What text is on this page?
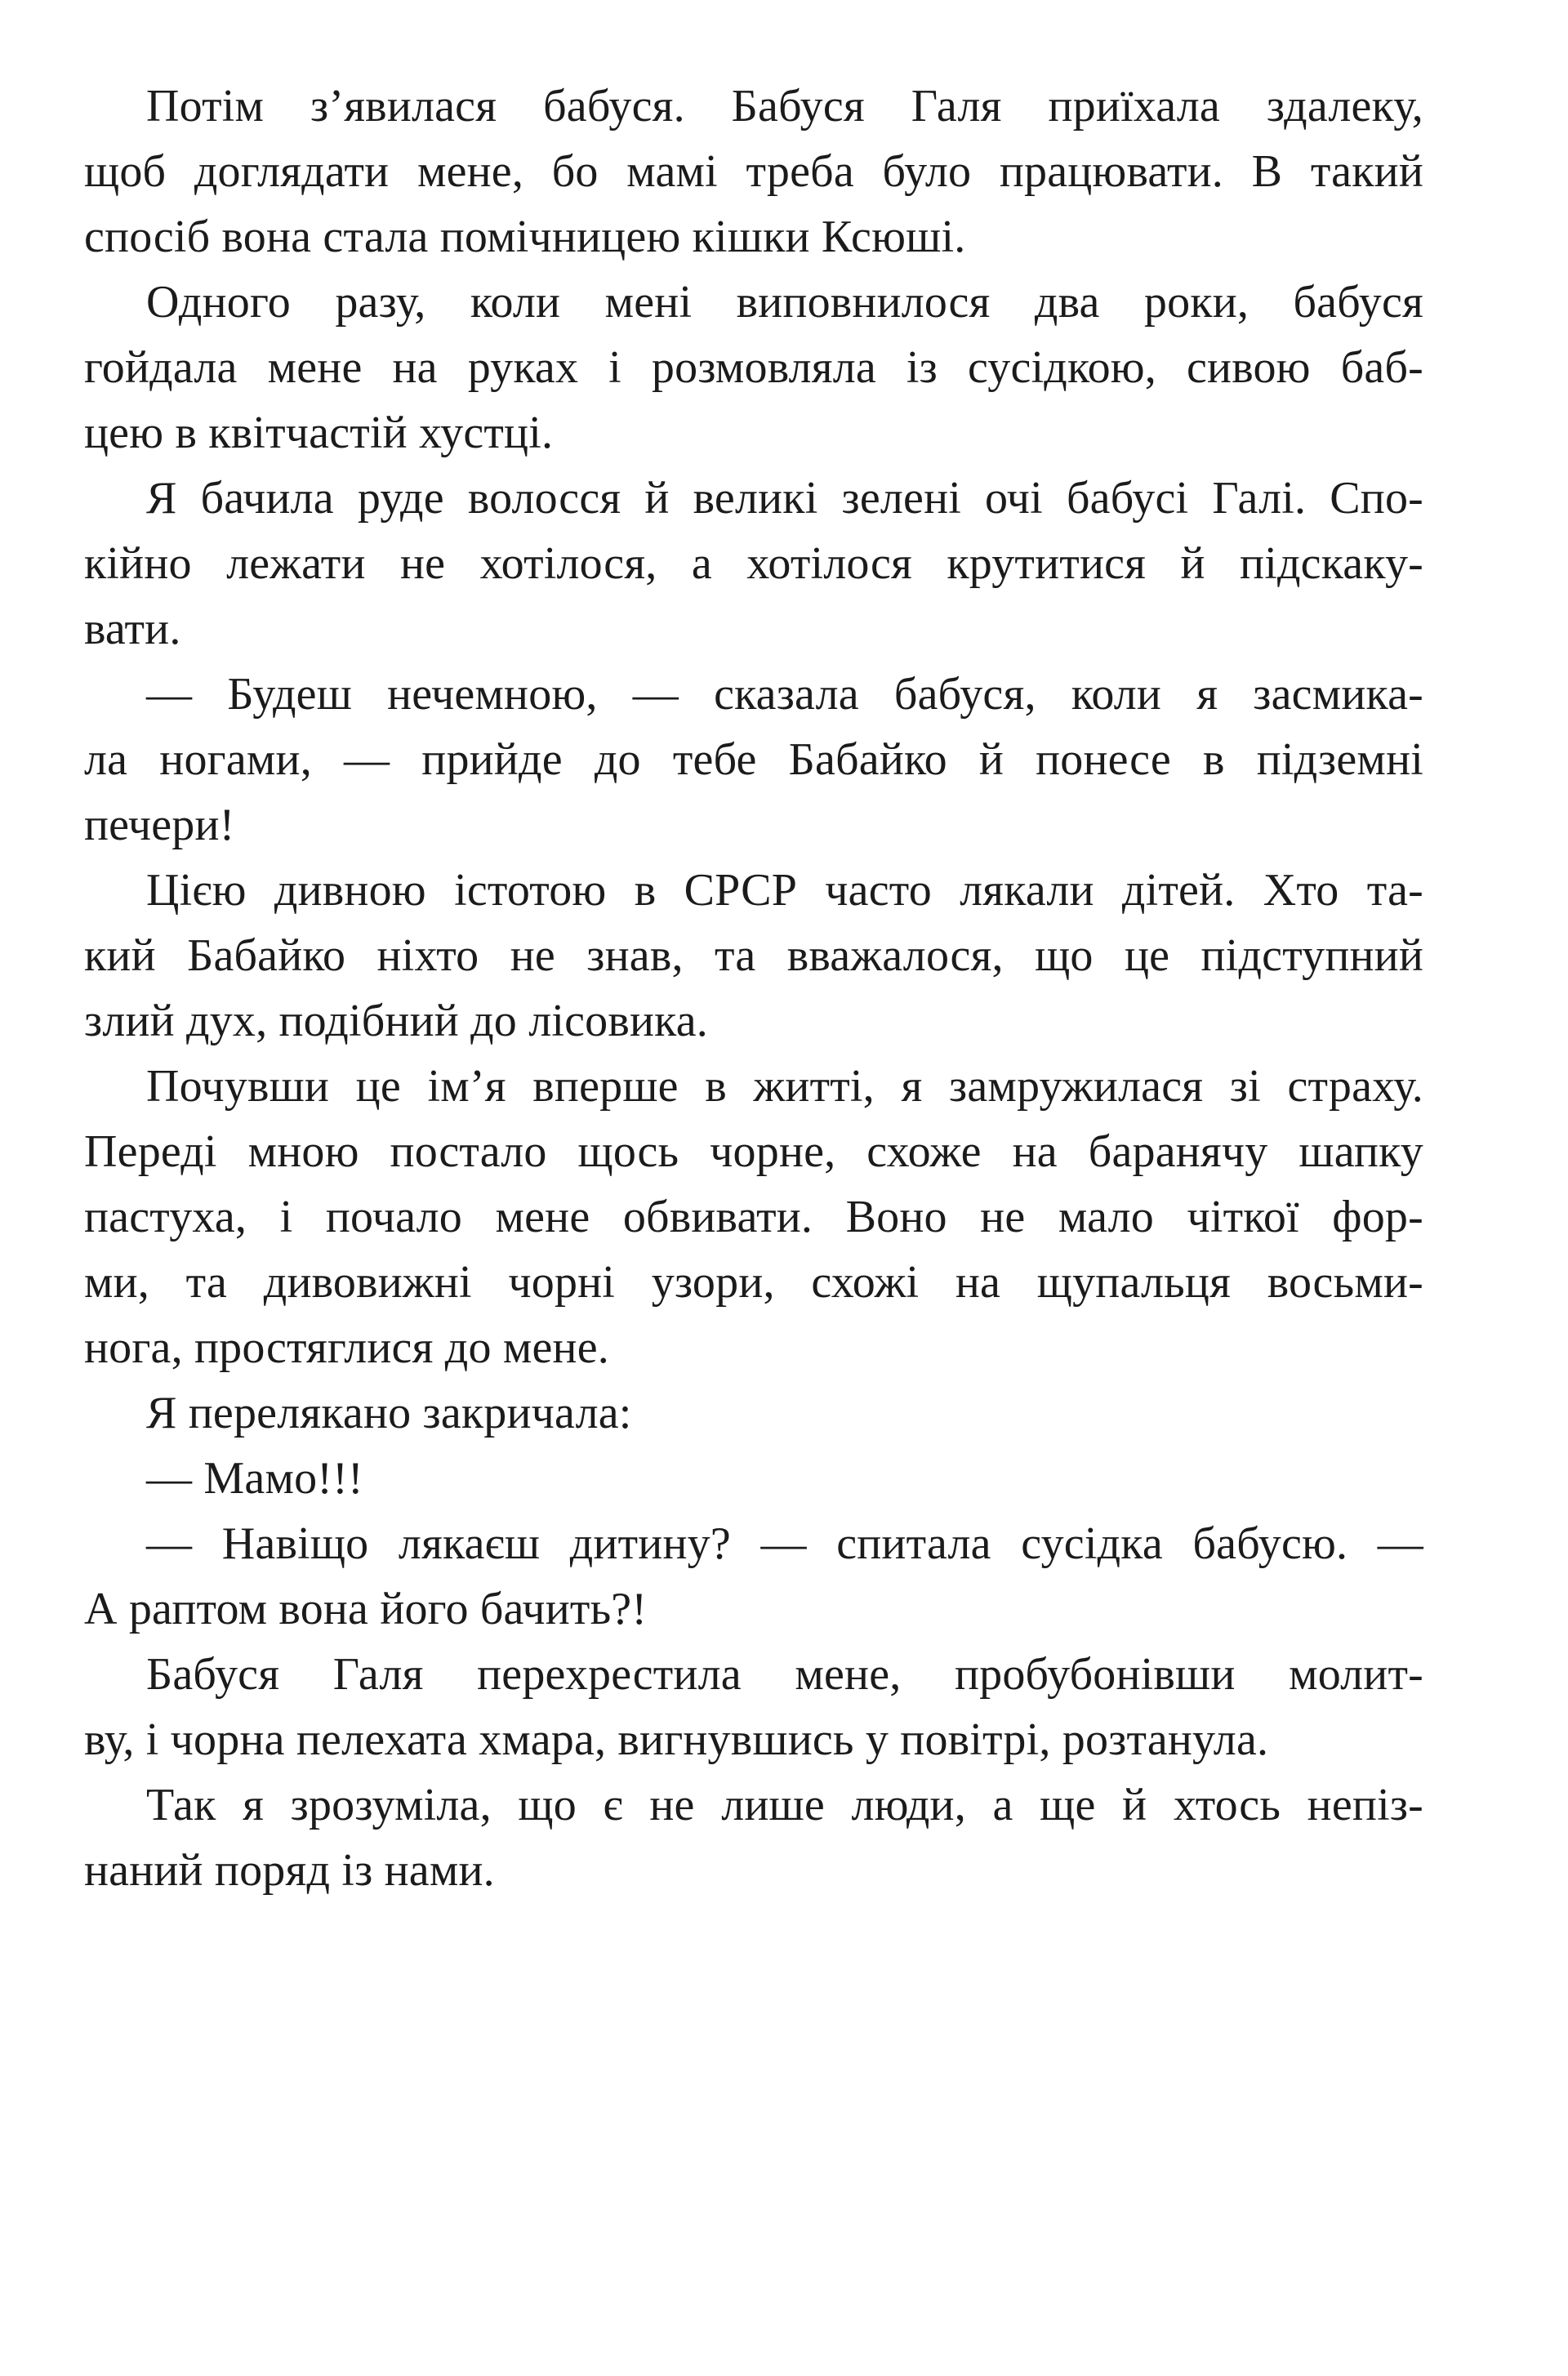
Потім з’явилася бабуся. Бабуся Галя приїхала здалеку,
щоб доглядати мене, бо мамі треба було працювати. В такий
спосіб вона стала помічницею кішки Ксюші.
Одного разу, коли мені виповнилося два роки, бабуся
гойдала мене на руках і розмовляла із сусідкою, сивою баб-
цею в квітчастій хустці.
Я бачила руде волосся й великі зелені очі бабусі Галі. Спо-
кійно лежати не хотілося, а хотілося крутитися й підскаку-
вати.
— Будеш нечемною, — сказала бабуся, коли я засмика-
ла ногами, — прийде до тебе Бабайко й понесе в підземні
печери!
Цією дивною істотою в СРСР часто лякали дітей. Хто та-
кий Бабайко ніхто не знав, та вважалося, що це підступний
злий дух, подібний до лісовика.
Почувши це ім’я вперше в житті, я замружилася зі страху.
Переді мною постало щось чорне, схоже на баранячу шапку
пастуха, і почало мене обвивати. Воно не мало чіткої фор-
ми, та дивовижні чорні узори, схожі на щупальця восьми-
нога, простяглися до мене.
Я перелякано закричала:
— Мамо!!!
— Навіщо лякаєш дитину? — спитала сусідка бабусю. —
А раптом вона його бачить?!
Бабуся Галя перехрестила мене, пробубонівши молит-
ву, і чорна пелехата хмара, вигнувшись у повітрі, розтанула.
Так я зрозуміла, що є не лише люди, а ще й хтось непіз-
наний поряд із нами.
